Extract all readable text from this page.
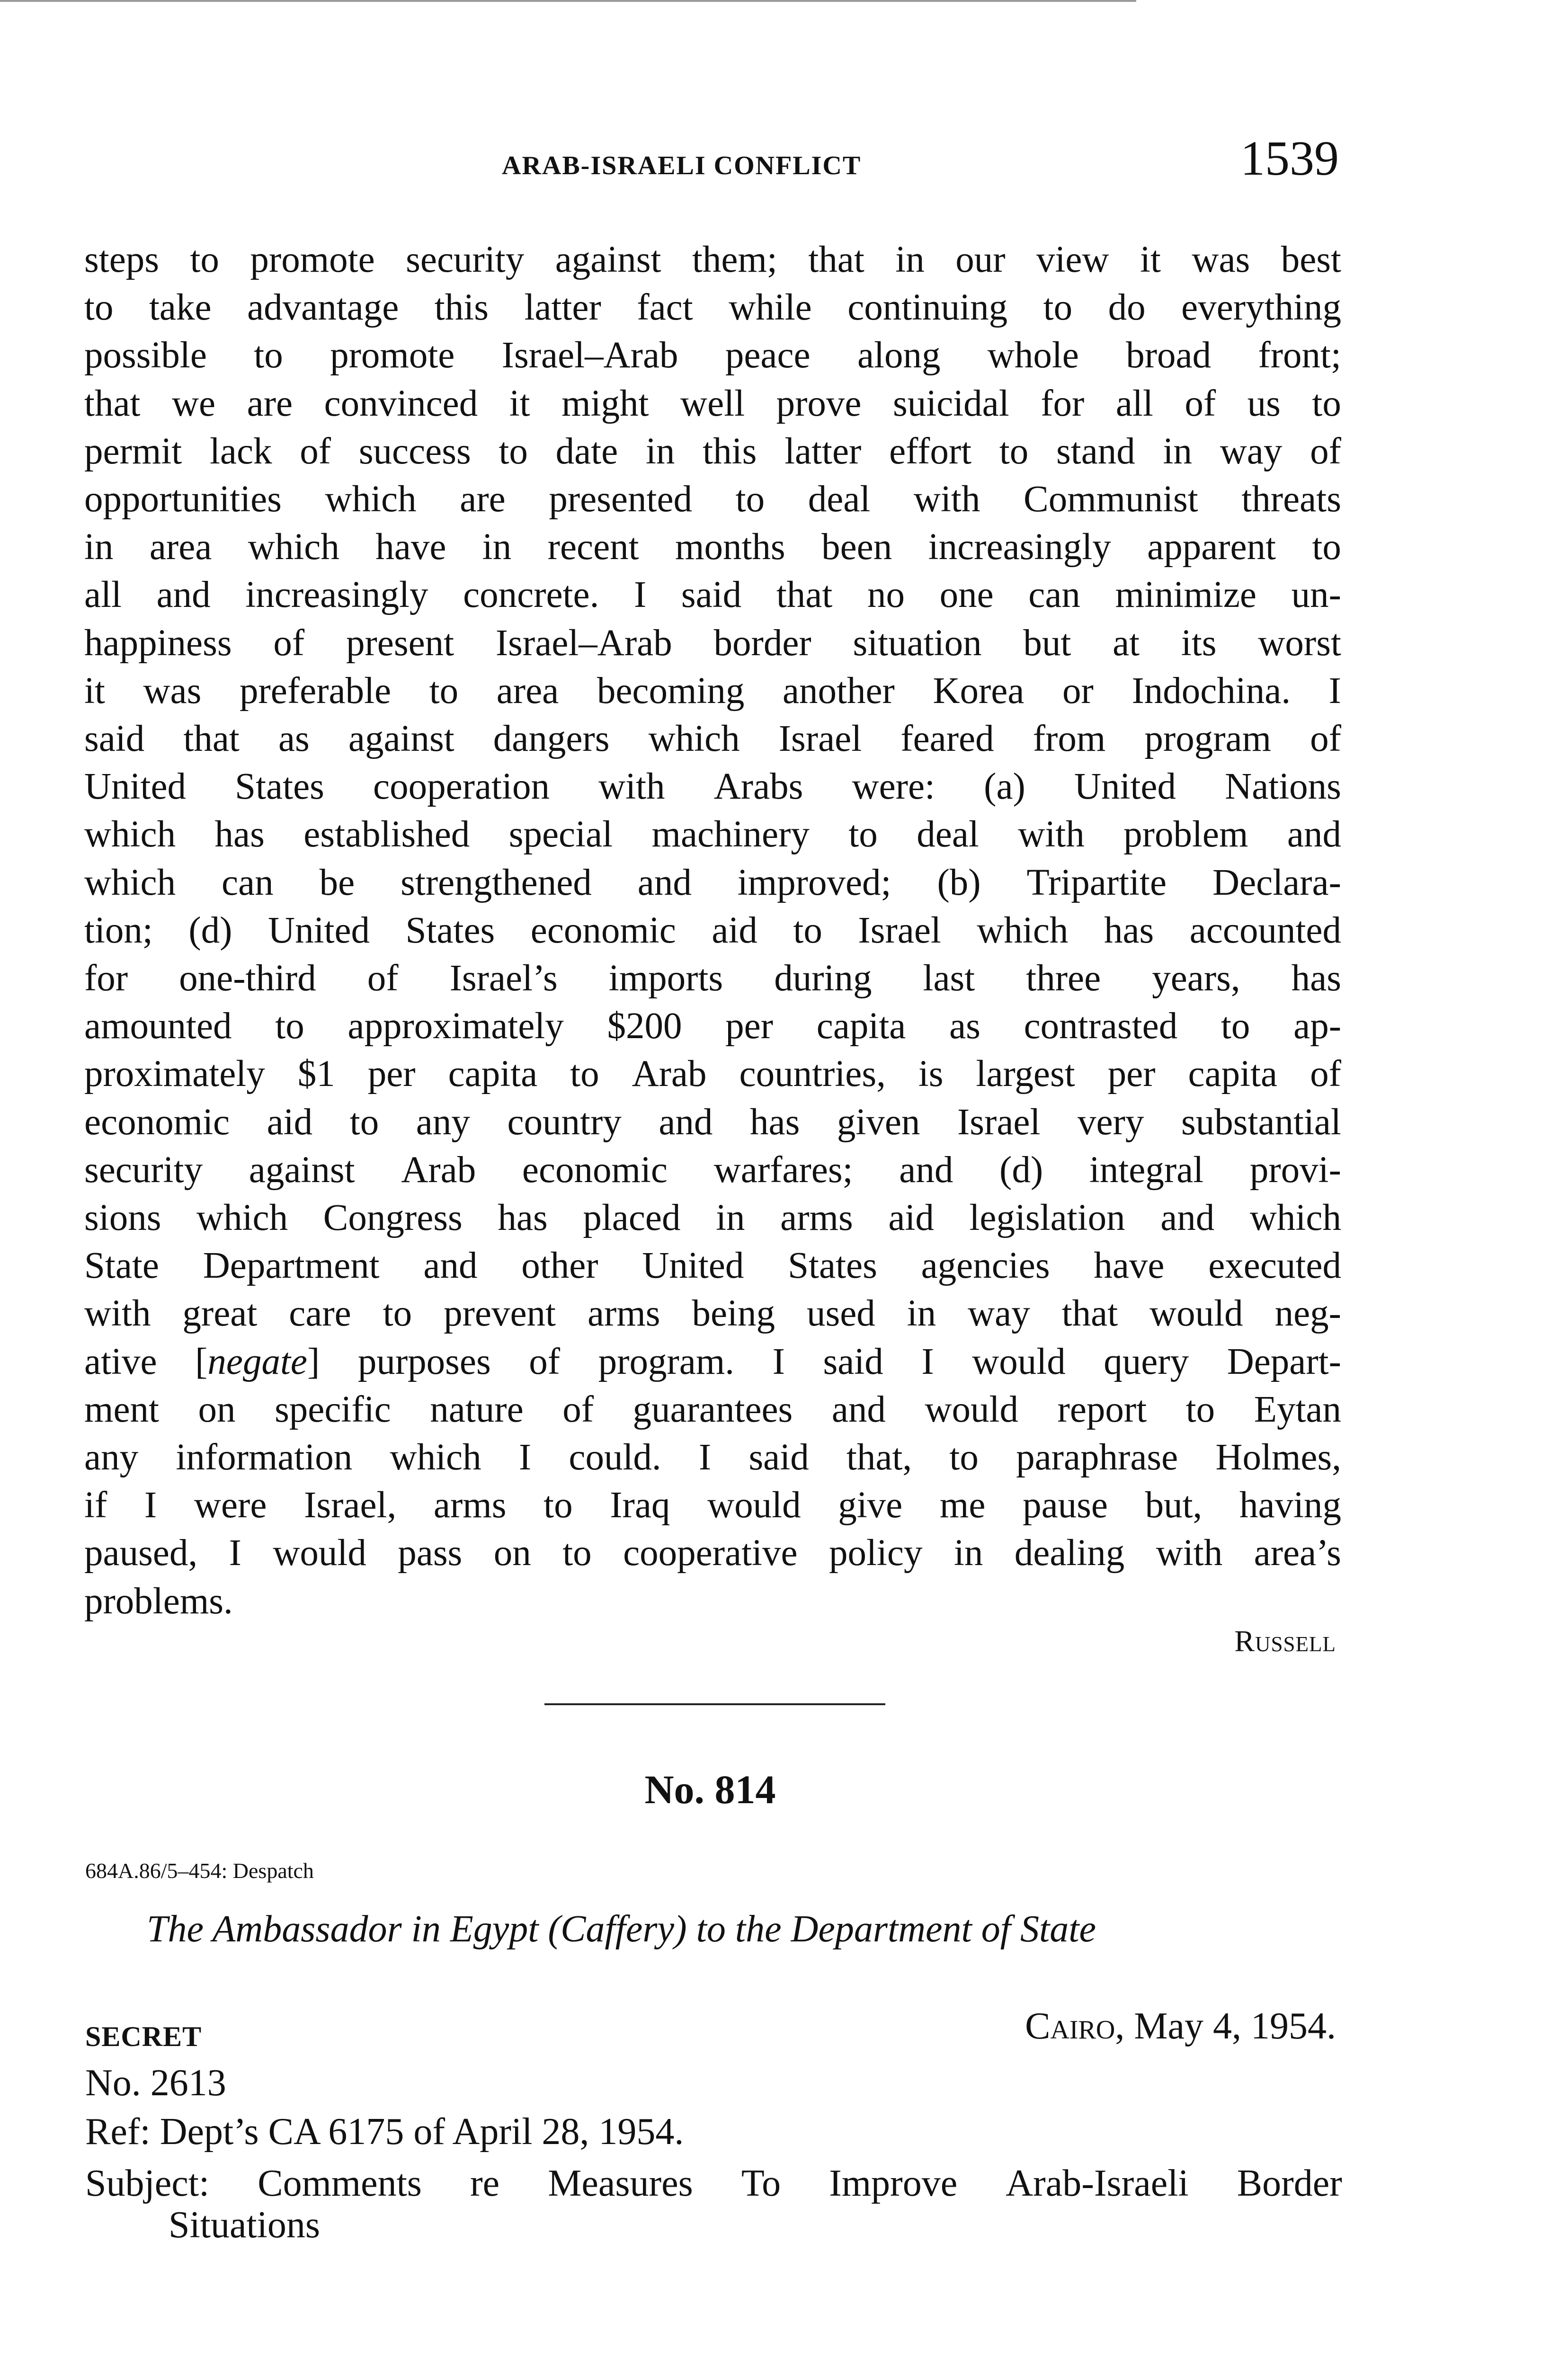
ARAB-ISRAELI CONFLICT	1539
steps to promote security against them; that in our view it was best
to take advantage this latter fact while continuing to do everything
possible to promote Israel–Arab peace along whole broad front;
that we are convinced it might well prove suicidal for all of us to
permit lack of success to date in this latter effort to stand in way of
opportunities which are presented to deal with Communist threats
in area which have in recent months been increasingly apparent to
all and increasingly concrete. I said that no one can minimize un-
happiness of present Israel–Arab border situation but at its worst
it was preferable to area becoming another Korea or Indochina. I
said that as against dangers which Israel feared from program of
United States cooperation with Arabs were: (a) United Nations
which has established special machinery to deal with problem and
which can be strengthened and improved; (b) Tripartite Declara-
tion; (d) United States economic aid to Israel which has accounted
for one-third of Israel’s imports during last three years, has
amounted to approximately $200 per capita as contrasted to ap-
proximately $1 per capita to Arab countries, is largest per capita of
economic aid to any country and has given Israel very substantial
security against Arab economic warfares; and (d) integral provi-
sions which Congress has placed in arms aid legislation and which
State Department and other United States agencies have executed
with great care to prevent arms being used in way that would neg-
ative [negate] purposes of program. I said I would query Depart-
ment on specific nature of guarantees and would report to Eytan
any information which I could. I said that, to paraphrase Holmes,
if I were Israel, arms to Iraq would give me pause but, having
paused, I would pass on to cooperative policy in dealing with area’s
problems.
Russell
No. 814
684A.86/5–454: Despatch
The Ambassador in Egypt (Caffery) to the Department of State
SECRET	Cairo, May 4, 1954.
No. 2613
Ref: Dept’s CA 6175 of April 28, 1954.
Subject: Comments re Measures To Improve Arab-Israeli Border
Situations
